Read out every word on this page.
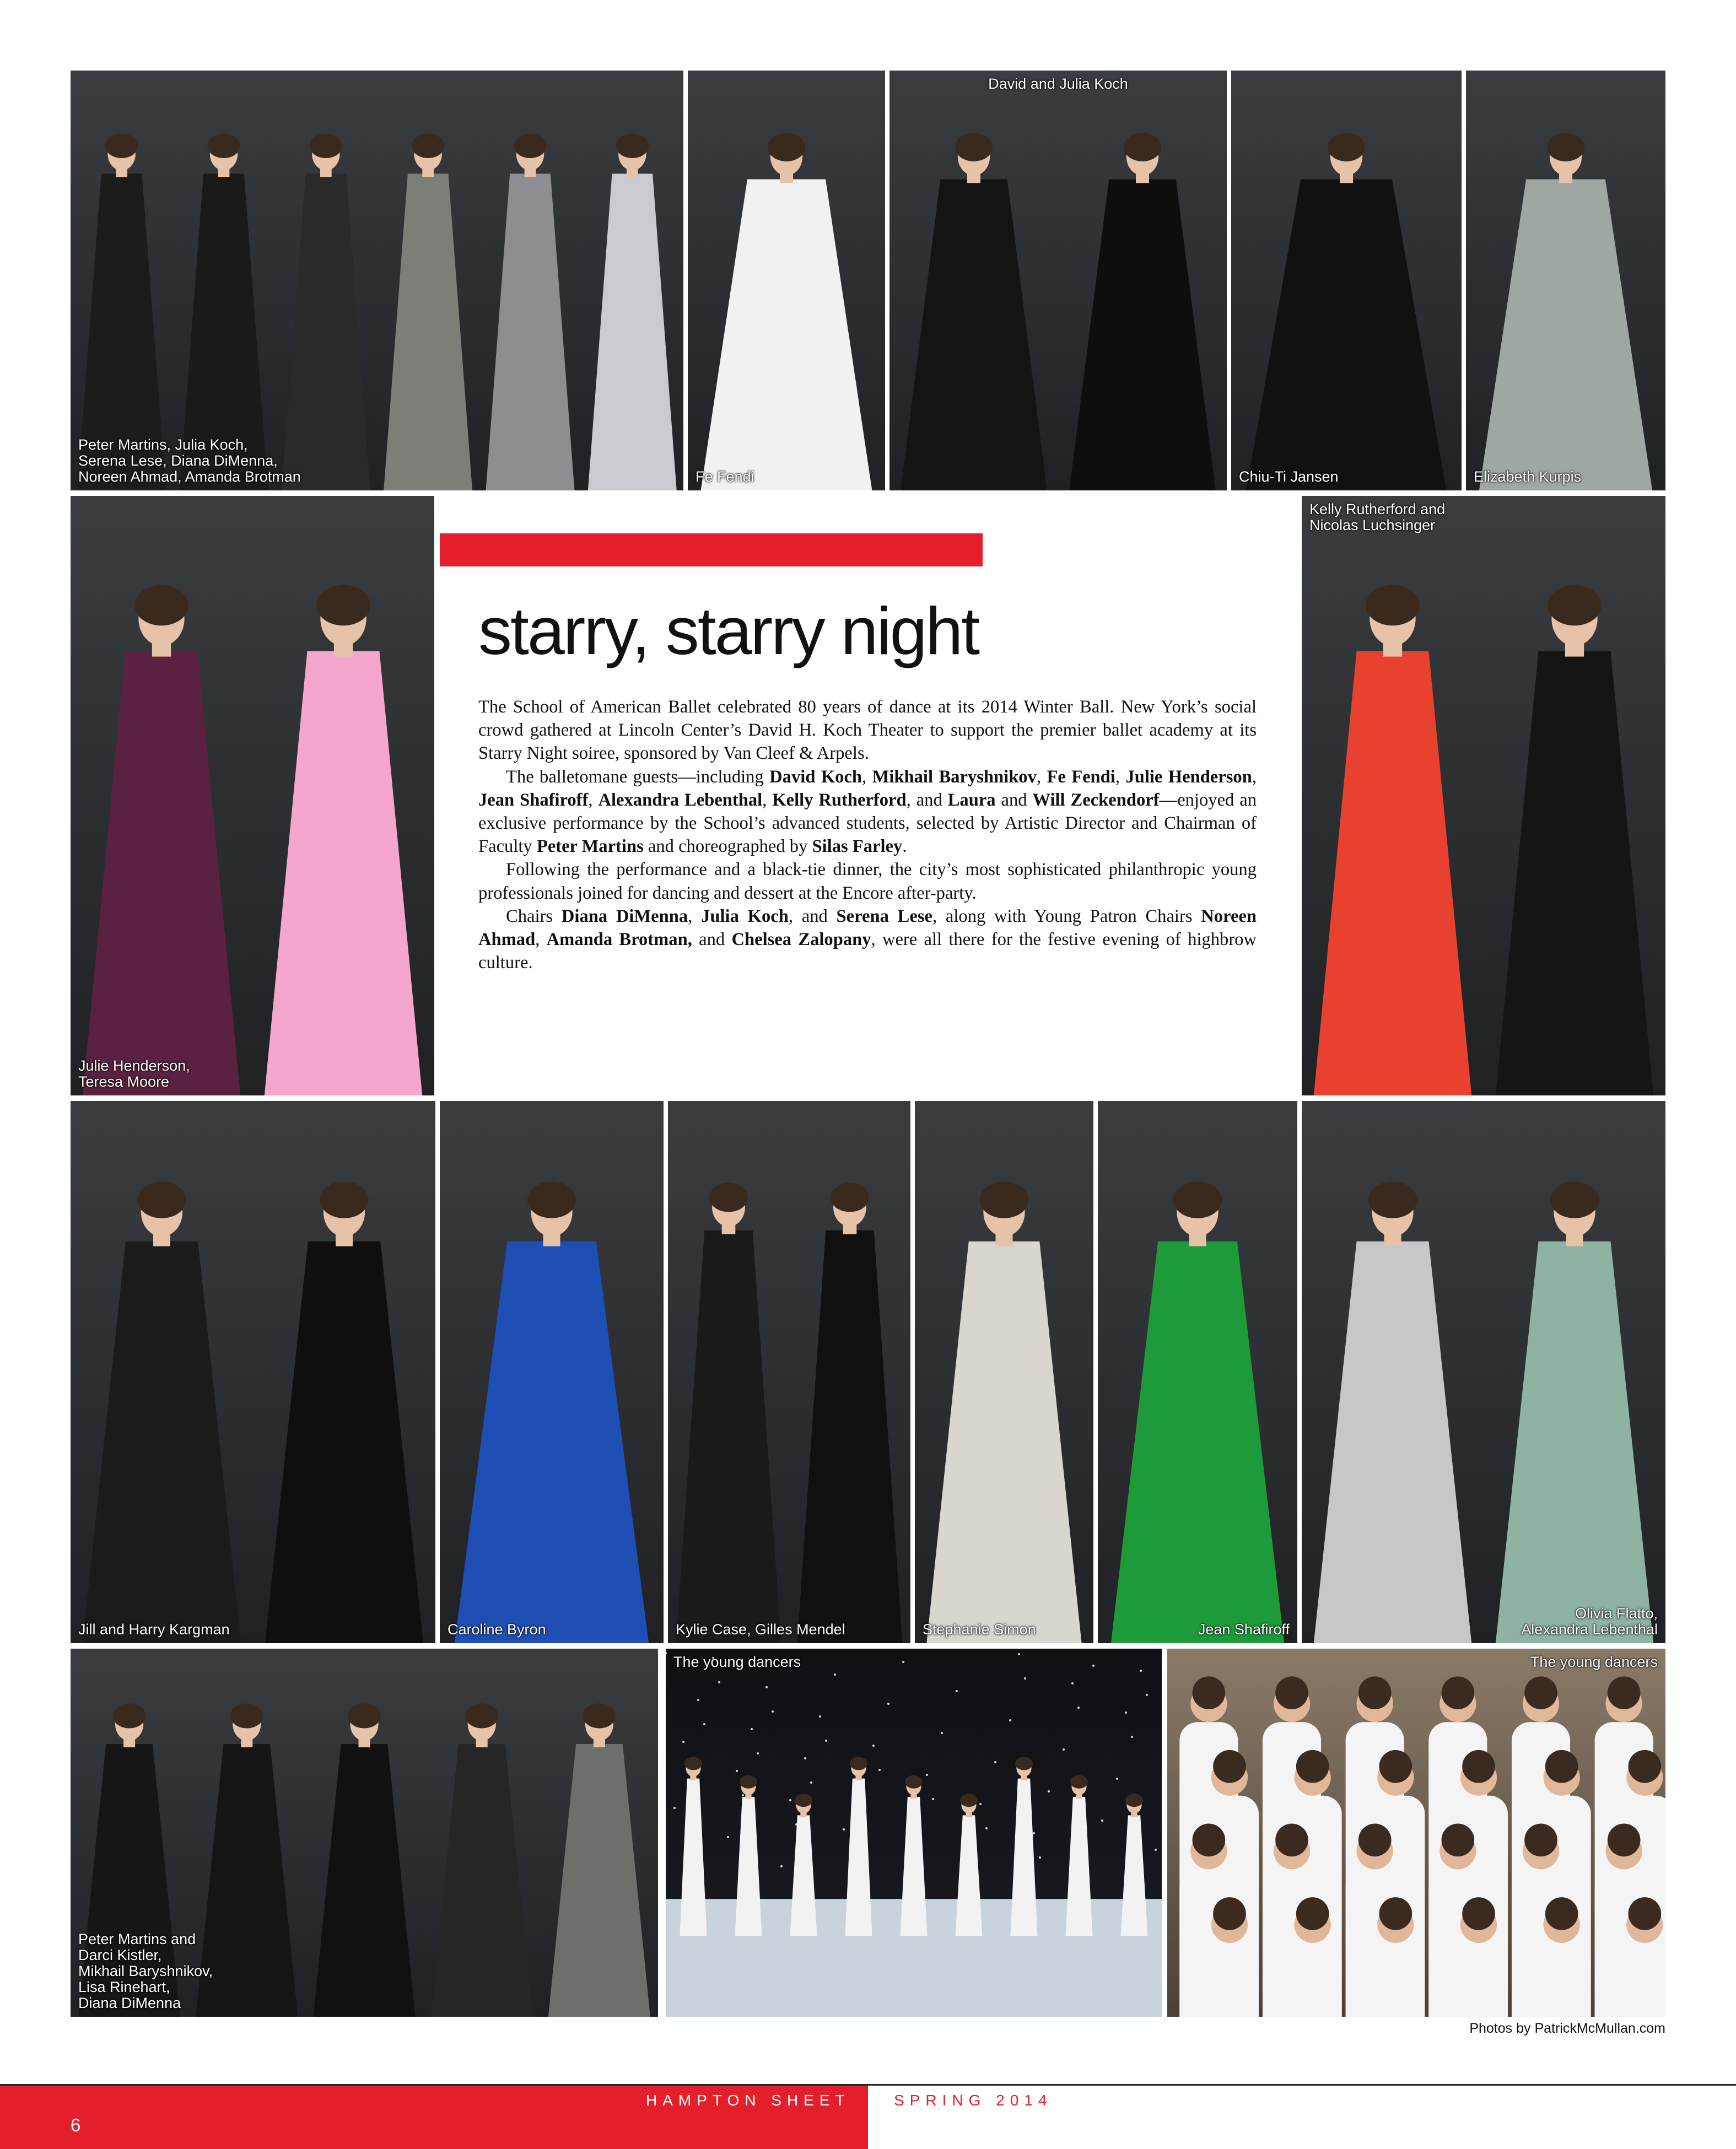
Peter Martins, Julia Koch,
Serena Lese, Diana DiMenna,
Noreen Ahmad, Amanda Brotman	Fe Fendi
David and Julia Koch
Chiu-Ti Jansen	Elizabeth Kurpis
Julie Henderson,
Teresa Moore
Kelly Rutherford and
Nicolas Luchsinger
starry, starry night

The School of American Ballet celebrated 80 years of dance at its 2014 Winter Ball. New York’s social crowd gathered at Lincoln Center’s David H. Koch Theater to support the premier ballet academy at its Starry Night soiree, sponsored by Van Cleef & Arpels.

The balletomane guests—including David Koch, Mikhail Baryshnikov, Fe Fendi, Julie Henderson, Jean Shafiroff, Alexandra Lebenthal, Kelly Rutherford, and Laura and Will Zeckendorf—enjoyed an exclusive performance by the School’s advanced students, selected by Artistic Director and Chairman of Faculty Peter Martins and choreographed by Silas Farley.

Following the performance and a black-tie dinner, the city’s most sophisticated philanthropic young professionals joined for dancing and dessert at the Encore after-party.

Chairs Diana DiMenna, Julia Koch, and Serena Lese, along with Young Patron Chairs Noreen Ahmad, Amanda Brotman, and Chelsea Zalopany, were all there for the festive evening of highbrow culture.

Jill and Harry Kargman	Caroline Byron	Kylie Case, Gilles Mendel	Stephanie Simon	Jean Shafiroff
Olivia Flatto,
Alexandra Lebenthal
Peter Martins and
Darci Kistler,
Mikhail Baryshnikov,
Lisa Rinehart,
Diana DiMenna
The young dancers	The young dancers
Photos by PatrickMcMullan.com
6
HAMPTON SHEET	SPRING 2014
